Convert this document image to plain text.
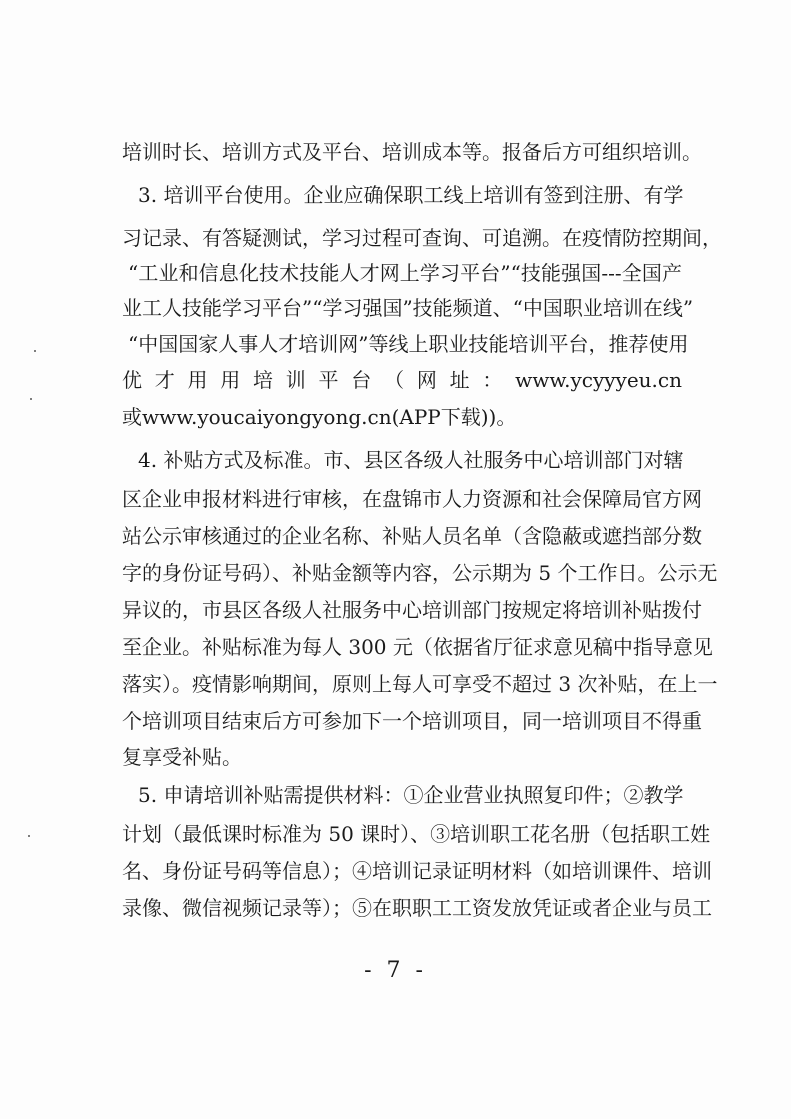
培训时长、培训方式及平台、培训成本等。报备后方可组织培训。
　3. 培训平台使用。企业应确保职工线上培训有签到注册、有学
习记录、有答疑测试，学习过程可查询、可追溯。在疫情防控期间，
“工业和信息化技术技能人才网上学习平台”“技能强国---全国产
业工人技能学习平台”“学习强国”技能频道、“中国职业培训在线”
“中国国家人事人才培训网”等线上职业技能培训平台，推荐使用
优 才 用 用 培 训 平 台 （ 网 址 ： www.ycyyyeu.cn
或www.youcaiyongyong.cn(APP下载))。
　4. 补贴方式及标准。市、县区各级人社服务中心培训部门对辖
区企业申报材料进行审核，在盘锦市人力资源和社会保障局官方网
站公示审核通过的企业名称、补贴人员名单（含隐蔽或遮挡部分数
字的身份证号码）、补贴金额等内容，公示期为 5 个工作日。公示无
异议的，市县区各级人社服务中心培训部门按规定将培训补贴拨付
至企业。补贴标准为每人 300 元（依据省厅征求意见稿中指导意见
落实）。疫情影响期间，原则上每人可享受不超过 3 次补贴，在上一
个培训项目结束后方可参加下一个培训项目，同一培训项目不得重
复享受补贴。
　5. 申请培训补贴需提供材料：①企业营业执照复印件；②教学
计划（最低课时标准为 50 课时）、③培训职工花名册（包括职工姓
名、身份证号码等信息）；④培训记录证明材料（如培训课件、培训
录像、微信视频记录等）；⑤在职职工工资发放凭证或者企业与员工
- 7 -
